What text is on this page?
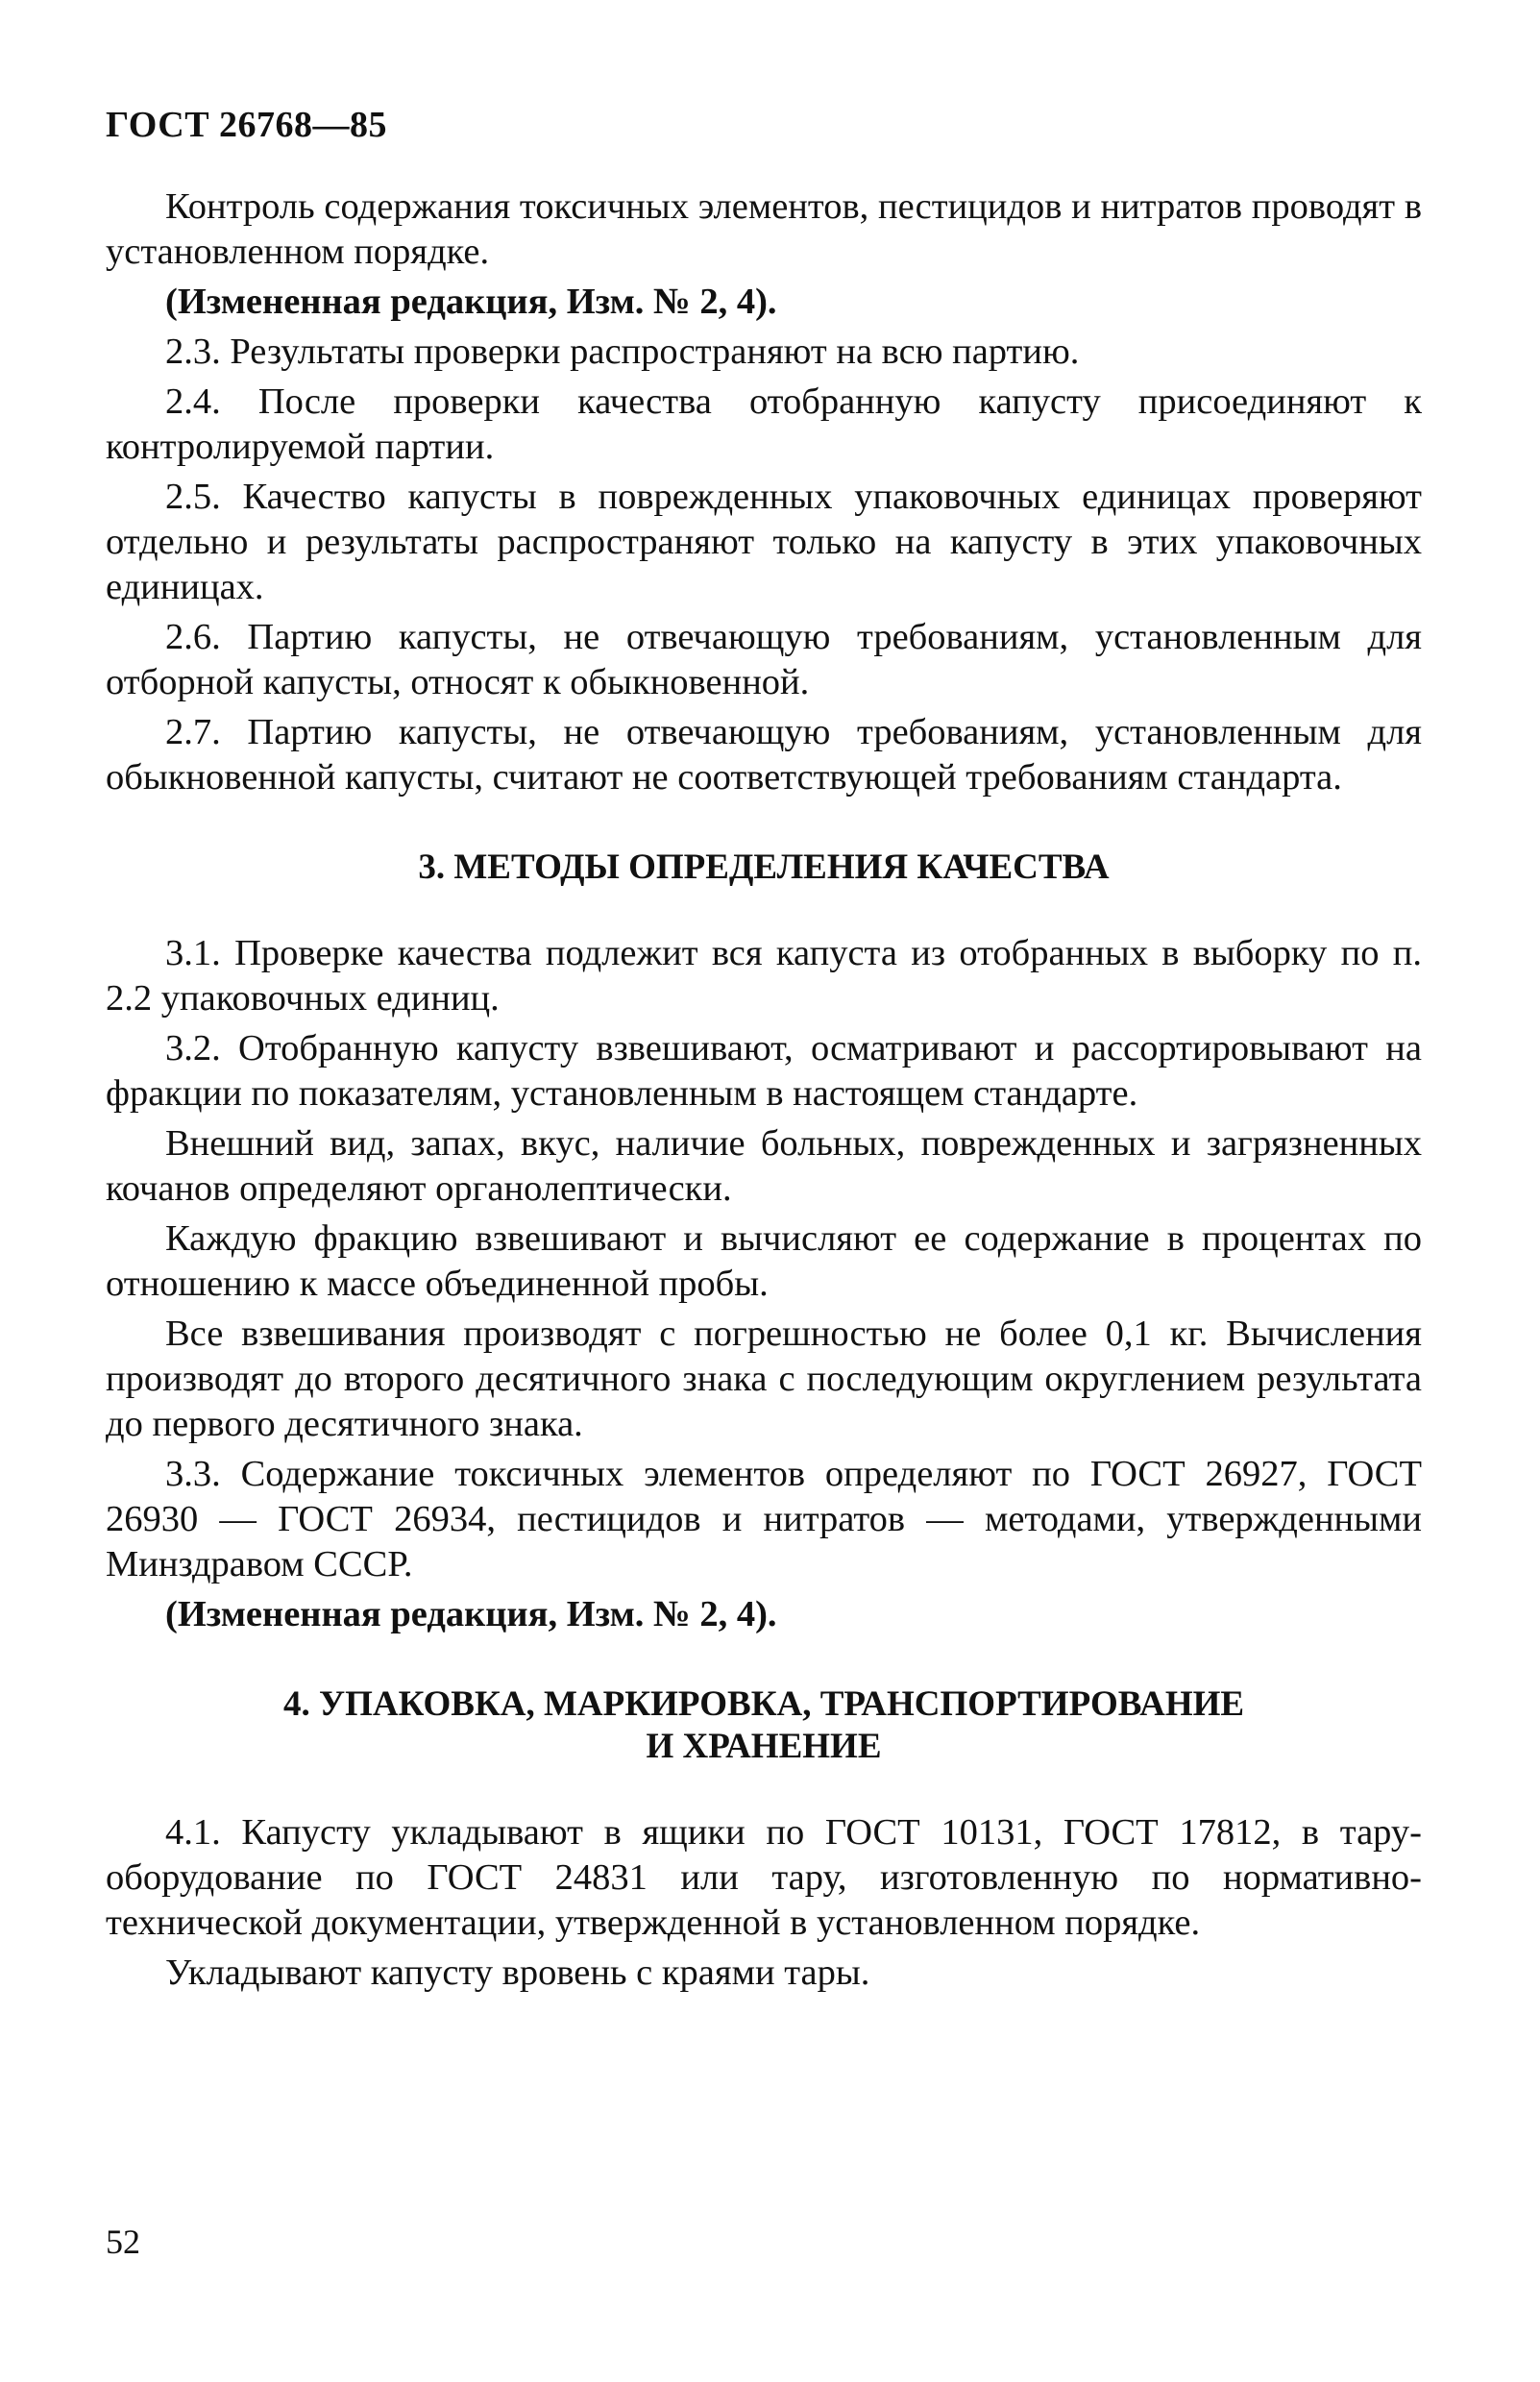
ГОСТ 26768—85

Контроль содержания токсичных элементов, пестицидов и нитратов проводят в установленном порядке.

(Измененная редакция, Изм. № 2, 4).

2.3. Результаты проверки распространяют на всю партию.

2.4. После проверки качества отобранную капусту присоединяют к контролируемой партии.

2.5. Качество капусты в поврежденных упаковочных единицах проверяют отдельно и результаты распространяют только на капусту в этих упаковочных единицах.

2.6. Партию капусты, не отвечающую требованиям, установленным для отборной капусты, относят к обыкновенной.

2.7. Партию капусты, не отвечающую требованиям, установленным для обыкновенной капусты, считают не соответствующей требованиям стандарта.

3. МЕТОДЫ ОПРЕДЕЛЕНИЯ КАЧЕСТВА

3.1. Проверке качества подлежит вся капуста из отобранных в выборку по п. 2.2 упаковочных единиц.

3.2. Отобранную капусту взвешивают, осматривают и рассортировывают на фракции по показателям, установленным в настоящем стандарте.

Внешний вид, запах, вкус, наличие больных, поврежденных и загрязненных кочанов определяют органолептически.

Каждую фракцию взвешивают и вычисляют ее содержание в процентах по отношению к массе объединенной пробы.

Все взвешивания производят с погрешностью не более 0,1 кг. Вычисления производят до второго десятичного знака с последующим округлением результата до первого десятичного знака.

3.3. Содержание токсичных элементов определяют по ГОСТ 26927, ГОСТ 26930 — ГОСТ 26934, пестицидов и нитратов — методами, утвержденными Минздравом СССР.

(Измененная редакция, Изм. № 2, 4).

4. УПАКОВКА, МАРКИРОВКА, ТРАНСПОРТИРОВАНИЕ
И ХРАНЕНИЕ

4.1. Капусту укладывают в ящики по ГОСТ 10131, ГОСТ 17812, в тару-оборудование по ГОСТ 24831 или тару, изготовленную по нормативно-технической документации, утвержденной в установленном порядке.

Укладывают капусту вровень с краями тары.

52
